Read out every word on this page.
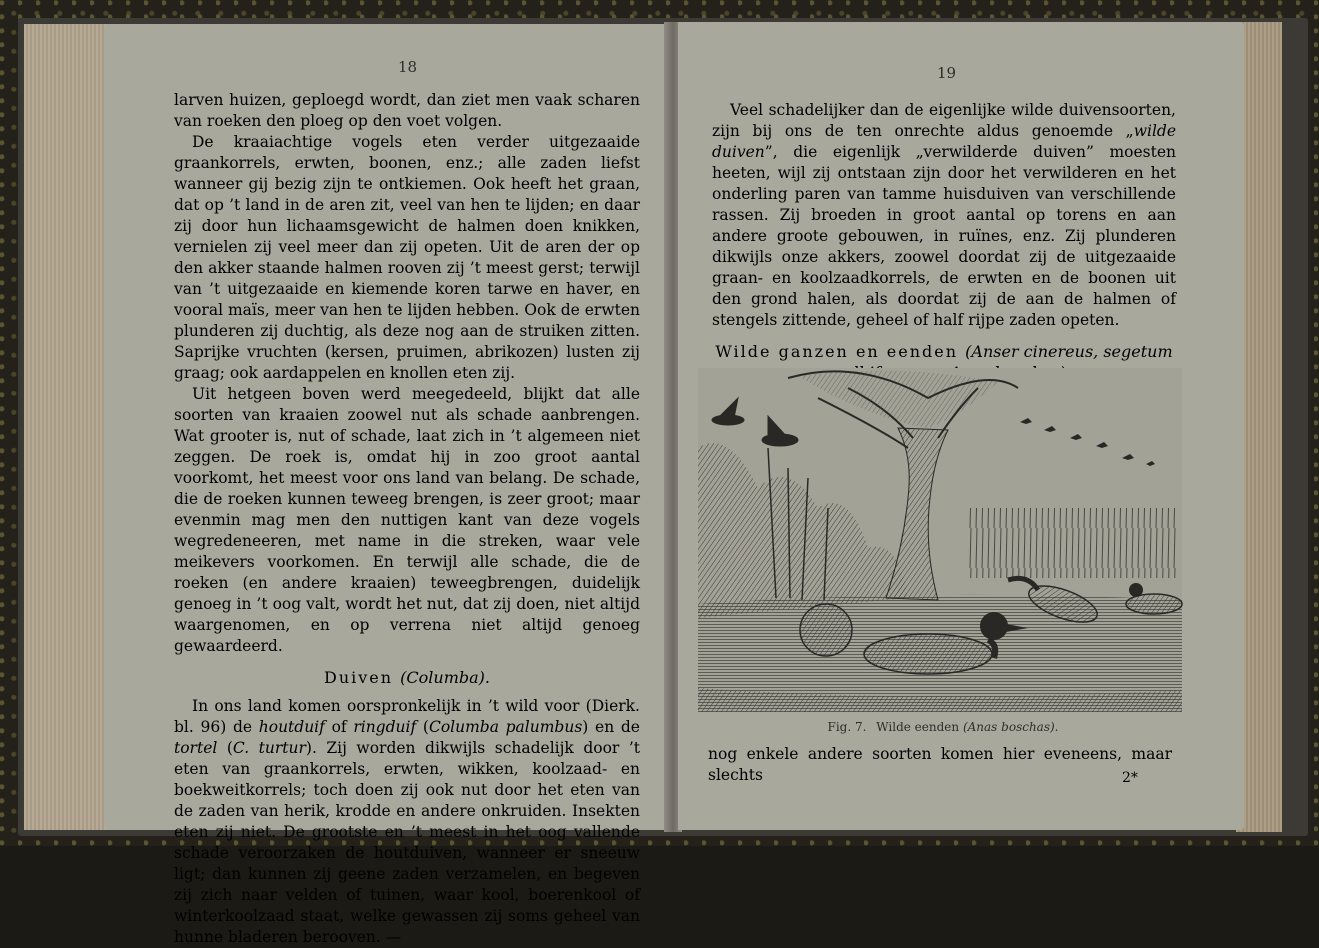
18

larven huizen, geploegd wordt, dan ziet men vaak scharen van roeken den ploeg op den voet volgen.

De kraaiachtige vogels eten verder uitgezaaide graankorrels, erwten, boonen, enz.; alle zaden liefst wanneer gij bezig zijn te ontkiemen. Ook heeft het graan, dat op ’t land in de aren zit, veel van hen te lijden; en daar zij door hun lichaamsgewicht de halmen doen knikken, vernielen zij veel meer dan zij opeten. Uit de aren der op den akker staande halmen rooven zij ’t meest gerst; terwijl van ’t uitgezaaide en kiemende koren tarwe en haver, en vooral maïs, meer van hen te lijden hebben. Ook de erwten plunderen zij duchtig, als deze nog aan de struiken zitten. Saprijke vruchten (kersen, pruimen, abrikozen) lusten zij graag; ook aardappelen en knollen eten zij.

Uit hetgeen boven werd meegedeeld, blijkt dat alle soorten van kraaien zoowel nut als schade aanbrengen. Wat grooter is, nut of schade, laat zich in ’t algemeen niet zeggen. De roek is, omdat hij in zoo groot aantal voorkomt, het meest voor ons land van belang. De schade, die de roeken kunnen teweeg brengen, is zeer groot; maar evenmin mag men den nuttigen kant van deze vogels wegredeneeren, met name in die streken, waar vele meikevers voorkomen. En terwijl alle schade, die de roeken (en andere kraaien) teweegbrengen, duidelijk genoeg in ’t oog valt, wordt het nut, dat zij doen, niet altijd waargenomen, en op verrena niet altijd genoeg gewaardeerd.

Duiven (Columba).

In ons land komen oorspronkelijk in ’t wild voor (Dierk. bl. 96) de houtduif of ringduif (Columba palumbus) en de tortel (C. turtur). Zij worden dikwijls schadelijk door ’t eten van graankorrels, erwten, wikken, koolzaad- en boekweitkorrels; toch doen zij ook nut door het eten van de zaden van herik, krodde en andere onkruiden. Insekten eten zij niet. De grootste en ’t meest in het oog vallende schade veroorzaken de houtduiven, wanneer er sneeuw ligt; dan kunnen zij geene zaden verzamelen, en begeven zij zich naar velden of tuinen, waar kool, boerenkool of winterkoolzaad staat, welke gewassen zij soms geheel van hunne bladeren berooven. —

19

Veel schadelijker dan de eigenlijke wilde duivensoorten, zijn bij ons de ten onrechte aldus genoemde „wilde duiven”, die eigenlijk „verwilderde duiven” moesten heeten, wijl zij ontstaan zijn door het verwilderen en het onderling paren van tamme huisduiven van verschillende rassen. Zij broeden in groot aantal op torens en aan andere groote gebouwen, in ruïnes, enz. Zij plunderen dikwijls onze akkers, zoowel doordat zij de uitgezaaide graan- en koolzaadkorrels, de erwten en de boonen uit den grond halen, als doordat zij de aan de halmen of stengels zittende, geheel of half rijpe zaden opeten.

Wilde ganzen en eenden (Anser cinereus, segetum

Fig. 7. Wilde eenden (Anas boschas).

nog enkele andere soorten komen hier eveneens, maar slechts	2*
